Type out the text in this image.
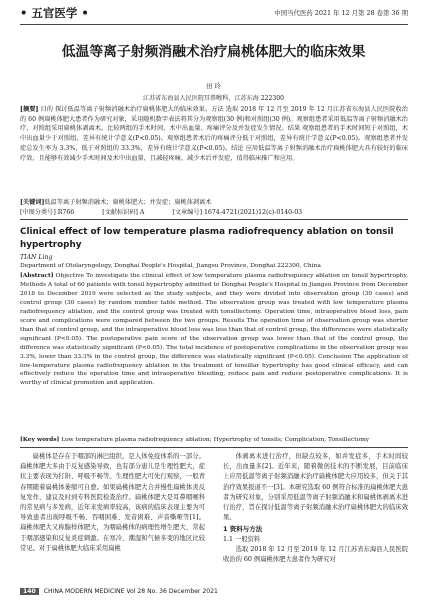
• 五官医学 •	中国当代医药 2021 年 12 月第 28 卷第 36 期
低温等离子射频消融术治疗扁桃体肥大的临床效果
田 玲
江苏省东海县人民医院耳鼻喉科，江苏东海 222300

[摘要] 目的 探讨低温等离子射频消融术治疗扁桃体肥大的临床效果。方法 选取 2018 年 12 月至 2019 年 12 月江苏省东海县人民医院收治的 60 例扁桃体肥大患者作为研究对象，采用随机数字表法将其分为观察组(30 例)和对照组(30 例)。观察组患者采用低温等离子射频消融术治疗，对照组采用扁桃体剥离术。比较两组的手术时间、术中出血量、疼痛评分及并发症发生情况。结果 观察组患者的手术时间短于对照组，术中出血量少于对照组，差异有统计学意义(P<0.05)。观察组患者术后的疼痛评分低于对照组，差异有统计学意义(P<0.05)。观察组患者并发症总发生率为 3.3%，低于对照组的 33.3%，差异有统计学意义(P<0.05)。结论 应用低温等离子射频消融术治疗扁桃体肥大具有较好的临床疗效，且能够有效减少手术时间及术中出血量，且减轻疼痛，减少术后并发症，值得临床推广和应用。

[关键词]低温等离子射频消融术；扁桃体肥大；并发症；扁桃体剥离术
[中图分类号] R766	[文献标识码] A	[文章编号] 1674-4721(2021)12(c)-0140-03

Clinical effect of low temperature plasma radiofrequency ablation on tonsil hypertrophy

TIAN Ling
Department of Otolaryngology, Donghai People's Hospital, Jiangsu Province, Donghai 222300, China

[Abstract] Objective To investigate the clinical effect of low temperature plasma radiofrequency ablation on tonsil hypertrophy. Methods A total of 60 patients with tonsil hypertrophy admitted to Donghai People's Hospital in Jiangsu Province from December 2018 to December 2019 were selected as the study subjects, and they were divided into observation group (30 cases) and control group (30 cases) by random number table method. The observation group was treated with low temperature plasma radiofrequency ablation, and the control group was treated with tonsillectomy. Operation time, intraoperative blood loss, pain score and complications were compared between the two groups. Results The operation time of observation group was shorter than that of control group, and the intraoperative blood loss was less than that of control group, the differences were statistically significant (P<0.05). The postoperative pain score of the observation group was lower than that of the control group, the difference was statistically significant (P<0.05). The total incidence of postoperative complications in the observation group was 3.3%, lower than 33.3% in the control group, the difference was statistically significant (P<0.05). Conclusion The application of low-temperature plasma radiofrequency ablation in the treatment of tonsillar hypertrophy has good clinical efficacy, and can effectively reduce the operation time and intraoperative bleeding, reduce pain and reduce postoperative complications. It is worthy of clinical promotion and application.

[Key words] Low temperature plasma radiofrequency ablation; Hypertrophy of tonsils; Complication; Tonsillectomy

扁桃体是存在于咽部的淋巴组织，是人体免疫体系的一部分。扁桃体肥大多由于反复感染导致，也有部分患儿是生理性肥大，症状主要表现为打鼾、呼吸不畅等。生理性肥大可先行观察，一般青春期随着扁桃体萎缩可自愈。如果扁桃体肥大合并慢性扁桃体炎反复发作，建议及时到专科医院检查治疗。扁桃体肥大是耳鼻咽喉科的常见病与多发病，近年来发病率较高，该病的临床表现主要为可导致患者出现呼吸不畅、吞咽困难、发音困难、声音嘶哑等[1]。扁桃体肥大又称腺样体肥大，为咽扁桃体的病理性增生肥大，常起于咽部感染和反复炎症刺激。在寒冷、潮湿和气候多变的地区比较常见。对于扁桃体肥大临床采用扁桃

体剥离术进行治疗，但缺点较多，如并发症多，手术时间较长，出血量多[2]。近年来，随着微创技术的不断发展，目前临床上应用低温等离子射频消融术治疗扁桃体肥大应用较多，但关于其治疗效果报道不一[3]。本研究选取 60 例符合标准的扁桃体肥大患者为研究对象，分别采用低温等离子射频消融术和扁桃体剥离术进行治疗，旨在探讨低温等离子射频消融术治疗扁桃体肥大的临床效果。

1 资料与方法
1.1 一般资料

选取 2018 年 12 月至 2019 年 12 月江苏省东海县人民医院收治的 60 例扁桃体肥大患者作为研究对

140 CHINA MODERN MEDICINE Vol 28 No. 36 December 2021
